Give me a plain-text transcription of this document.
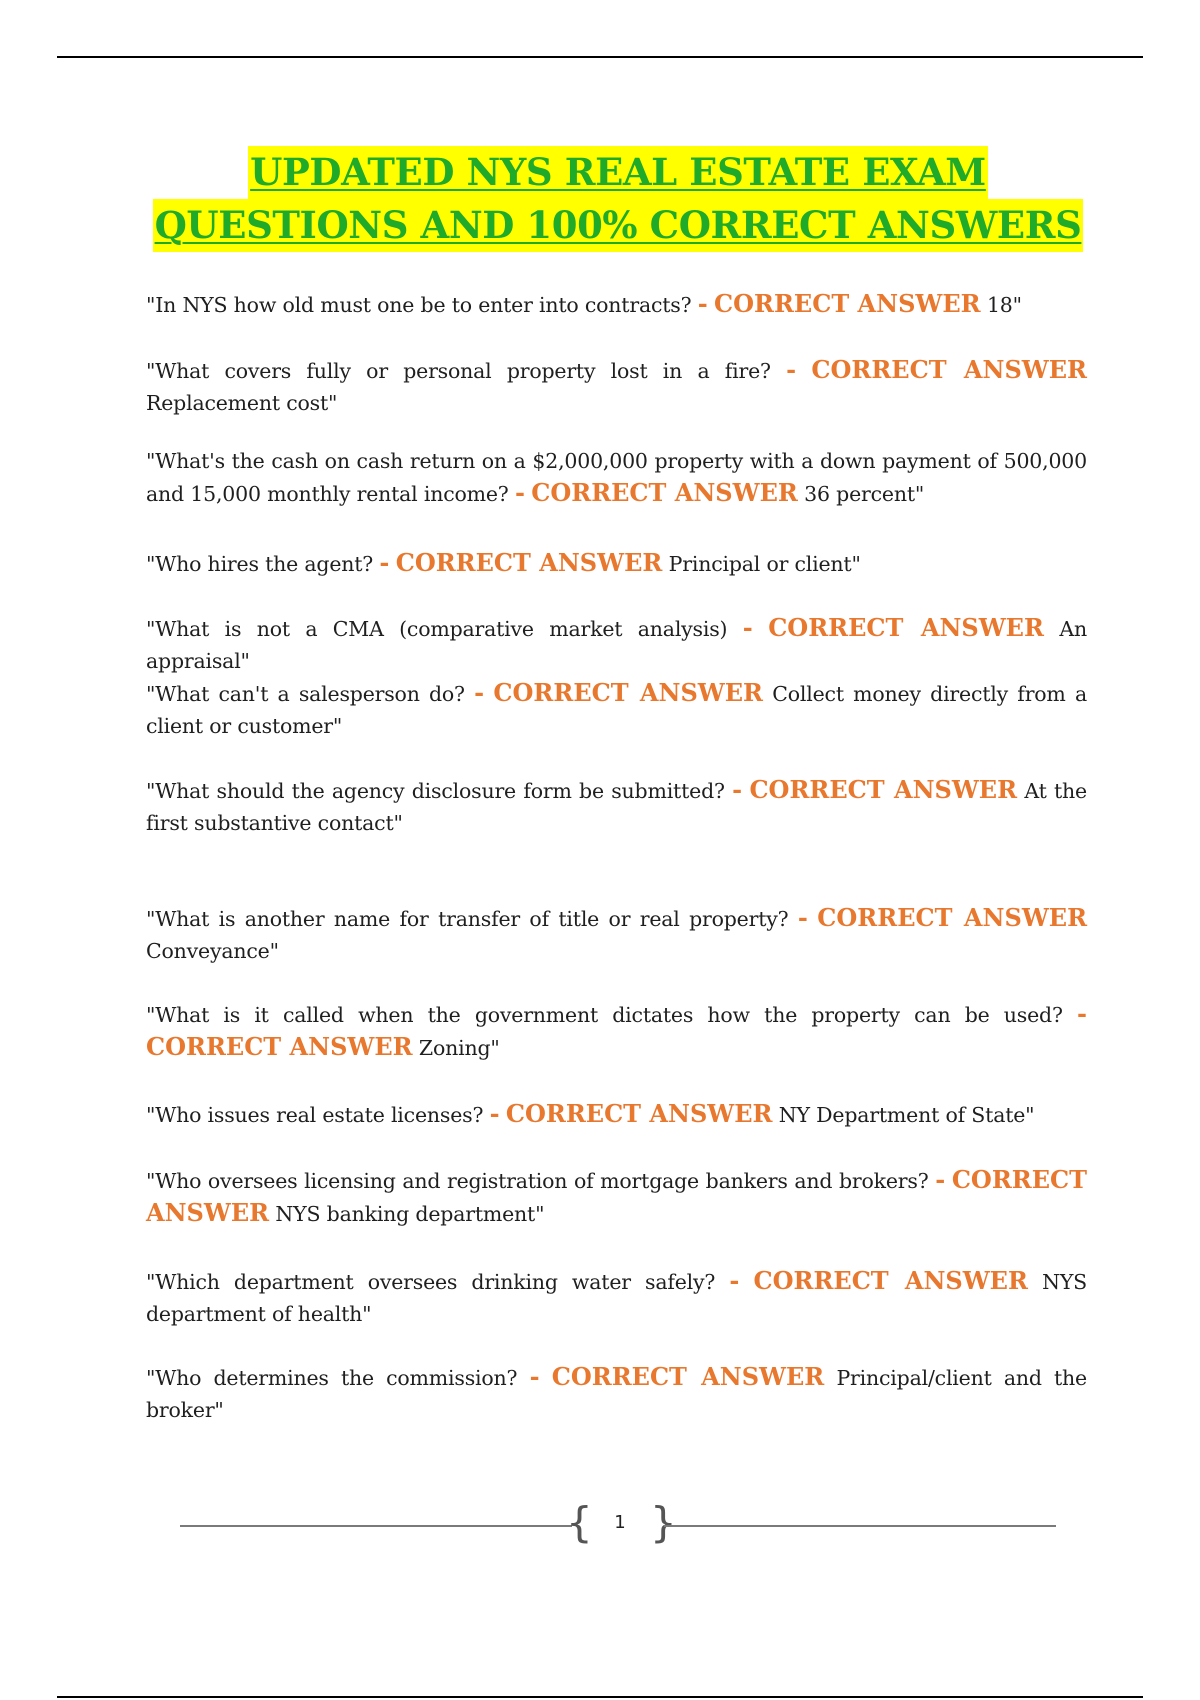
UPDATED NYS REAL ESTATE EXAM
QUESTIONS AND 100% CORRECT ANSWERS

"In NYS how old must one be to enter into contracts? - CORRECT ANSWER 18"

"What covers fully or personal property lost in a fire? - CORRECT ANSWER Replacement cost"

"What's the cash on cash return on a $2,000,000 property with a down payment of 500,000 and 15,000 monthly rental income? - CORRECT ANSWER 36 percent"

"Who hires the agent? - CORRECT ANSWER Principal or client"

"What is not a CMA (comparative market analysis) - CORRECT ANSWER An appraisal"

"What can't a salesperson do? - CORRECT ANSWER Collect money directly from a client or customer"

"What should the agency disclosure form be submitted? - CORRECT ANSWER At the first substantive contact"

"What is another name for transfer of title or real property? - CORRECT ANSWER Conveyance"

"What is it called when the government dictates how the property can be used? - CORRECT ANSWER Zoning"

"Who issues real estate licenses? - CORRECT ANSWER NY Department of State"

"Who oversees licensing and registration of mortgage bankers and brokers? - CORRECT ANSWER NYS banking department"

"Which department oversees drinking water safely? - CORRECT ANSWER NYS department of health"

"Who determines the commission? - CORRECT ANSWER Principal/client and the broker"

{	1 }
